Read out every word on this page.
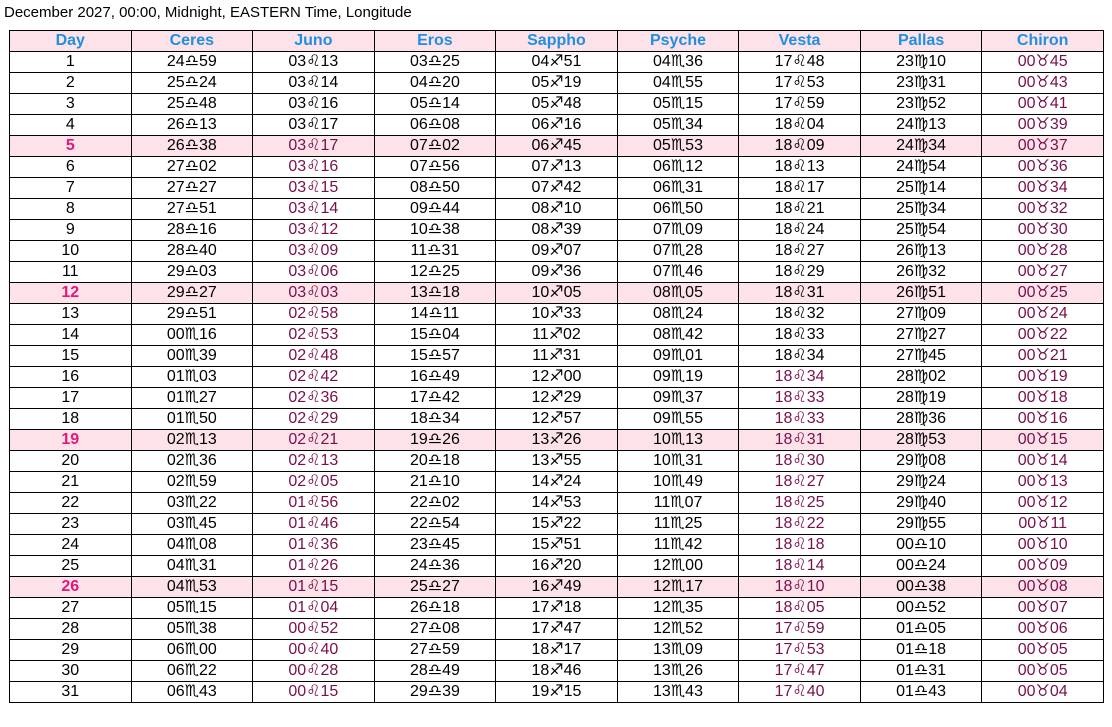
December 2027, 00:00, Midnight, EASTERN Time, Longitude
Day	Ceres	Juno	Eros	Sappho	Psyche	Vesta	Pallas	Chiron
1	24♎59	03♌13	03♎25	04♐51	04♏36	17♌48	23♍10	00♉45
2	25♎24	03♌14	04♎20	05♐19	04♏55	17♌53	23♍31	00♉43
3	25♎48	03♌16	05♎14	05♐48	05♏15	17♌59	23♍52	00♉41
4	26♎13	03♌17	06♎08	06♐16	05♏34	18♌04	24♍13	00♉39
5	26♎38	03♌17	07♎02	06♐45	05♏53	18♌09	24♍34	00♉37
6	27♎02	03♌16	07♎56	07♐13	06♏12	18♌13	24♍54	00♉36
7	27♎27	03♌15	08♎50	07♐42	06♏31	18♌17	25♍14	00♉34
8	27♎51	03♌14	09♎44	08♐10	06♏50	18♌21	25♍34	00♉32
9	28♎16	03♌12	10♎38	08♐39	07♏09	18♌24	25♍54	00♉30
10	28♎40	03♌09	11♎31	09♐07	07♏28	18♌27	26♍13	00♉28
11	29♎03	03♌06	12♎25	09♐36	07♏46	18♌29	26♍32	00♉27
12	29♎27	03♌03	13♎18	10♐05	08♏05	18♌31	26♍51	00♉25
13	29♎51	02♌58	14♎11	10♐33	08♏24	18♌32	27♍09	00♉24
14	00♏16	02♌53	15♎04	11♐02	08♏42	18♌33	27♍27	00♉22
15	00♏39	02♌48	15♎57	11♐31	09♏01	18♌34	27♍45	00♉21
16	01♏03	02♌42	16♎49	12♐00	09♏19	18♌34	28♍02	00♉19
17	01♏27	02♌36	17♎42	12♐29	09♏37	18♌33	28♍19	00♉18
18	01♏50	02♌29	18♎34	12♐57	09♏55	18♌33	28♍36	00♉16
19	02♏13	02♌21	19♎26	13♐26	10♏13	18♌31	28♍53	00♉15
20	02♏36	02♌13	20♎18	13♐55	10♏31	18♌30	29♍08	00♉14
21	02♏59	02♌05	21♎10	14♐24	10♏49	18♌27	29♍24	00♉13
22	03♏22	01♌56	22♎02	14♐53	11♏07	18♌25	29♍40	00♉12
23	03♏45	01♌46	22♎54	15♐22	11♏25	18♌22	29♍55	00♉11
24	04♏08	01♌36	23♎45	15♐51	11♏42	18♌18	00♎10	00♉10
25	04♏31	01♌26	24♎36	16♐20	12♏00	18♌14	00♎24	00♉09
26	04♏53	01♌15	25♎27	16♐49	12♏17	18♌10	00♎38	00♉08
27	05♏15	01♌04	26♎18	17♐18	12♏35	18♌05	00♎52	00♉07
28	05♏38	00♌52	27♎08	17♐47	12♏52	17♌59	01♎05	00♉06
29	06♏00	00♌40	27♎59	18♐17	13♏09	17♌53	01♎18	00♉05
30	06♏22	00♌28	28♎49	18♐46	13♏26	17♌47	01♎31	00♉05
31	06♏43	00♌15	29♎39	19♐15	13♏43	17♌40	01♎43	00♉04
